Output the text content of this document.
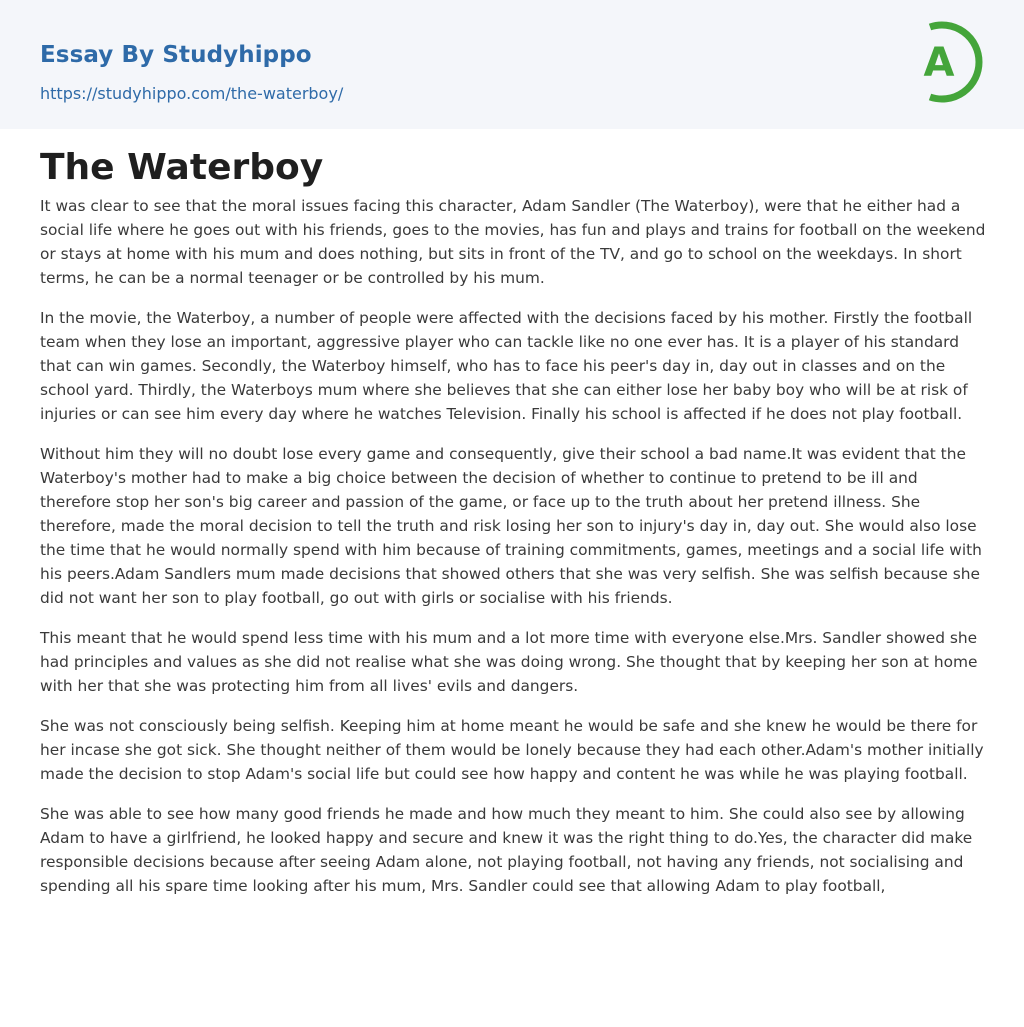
Essay By Studyhippo
https://studyhippo.com/the-waterboy/
A
The Waterboy

It was clear to see that the moral issues facing this character, Adam Sandler (The Waterboy), were that he either had a social life where he goes out with his friends, goes to the movies, has fun and plays and trains for football on the weekend or stays at home with his mum and does nothing, but sits in front of the TV, and go to school on the weekdays. In short terms, he can be a normal teenager or be controlled by his mum.

In the movie, the Waterboy, a number of people were affected with the decisions faced by his mother. Firstly the football team when they lose an important, aggressive player who can tackle like no one ever has. It is a player of his standard that can win games. Secondly, the Waterboy himself, who has to face his peer's day in, day out in classes and on the school yard. Thirdly, the Waterboys mum where she believes that she can either lose her baby boy who will be at risk of injuries or can see him every day where he watches Television. Finally his school is affected if he does not play football.

Without him they will no doubt lose every game and consequently, give their school a bad name.It was evident that the Waterboy's mother had to make a big choice between the decision of whether to continue to pretend to be ill and therefore stop her son's big career and passion of the game, or face up to the truth about her pretend illness. She therefore, made the moral decision to tell the truth and risk losing her son to injury's day in, day out. She would also lose the time that he would normally spend with him because of training commitments, games, meetings and a social life with his peers.Adam Sandlers mum made decisions that showed others that she was very selfish. She was selfish because she did not want her son to play football, go out with girls or socialise with his friends.

This meant that he would spend less time with his mum and a lot more time with everyone else.Mrs. Sandler showed she had principles and values as she did not realise what she was doing wrong. She thought that by keeping her son at home with her that she was protecting him from all lives' evils and dangers.

She was not consciously being selfish. Keeping him at home meant he would be safe and she knew he would be there for her incase she got sick. She thought neither of them would be lonely because they had each other.Adam's mother initially made the decision to stop Adam's social life but could see how happy and content he was while he was playing football.

She was able to see how many good friends he made and how much they meant to him. She could also see by allowing Adam to have a girlfriend, he looked happy and secure and knew it was the right thing to do.Yes, the character did make responsible decisions because after seeing Adam alone, not playing football, not having any friends, not socialising and spending all his spare time looking after his mum, Mrs. Sandler could see that allowing Adam to play football,
